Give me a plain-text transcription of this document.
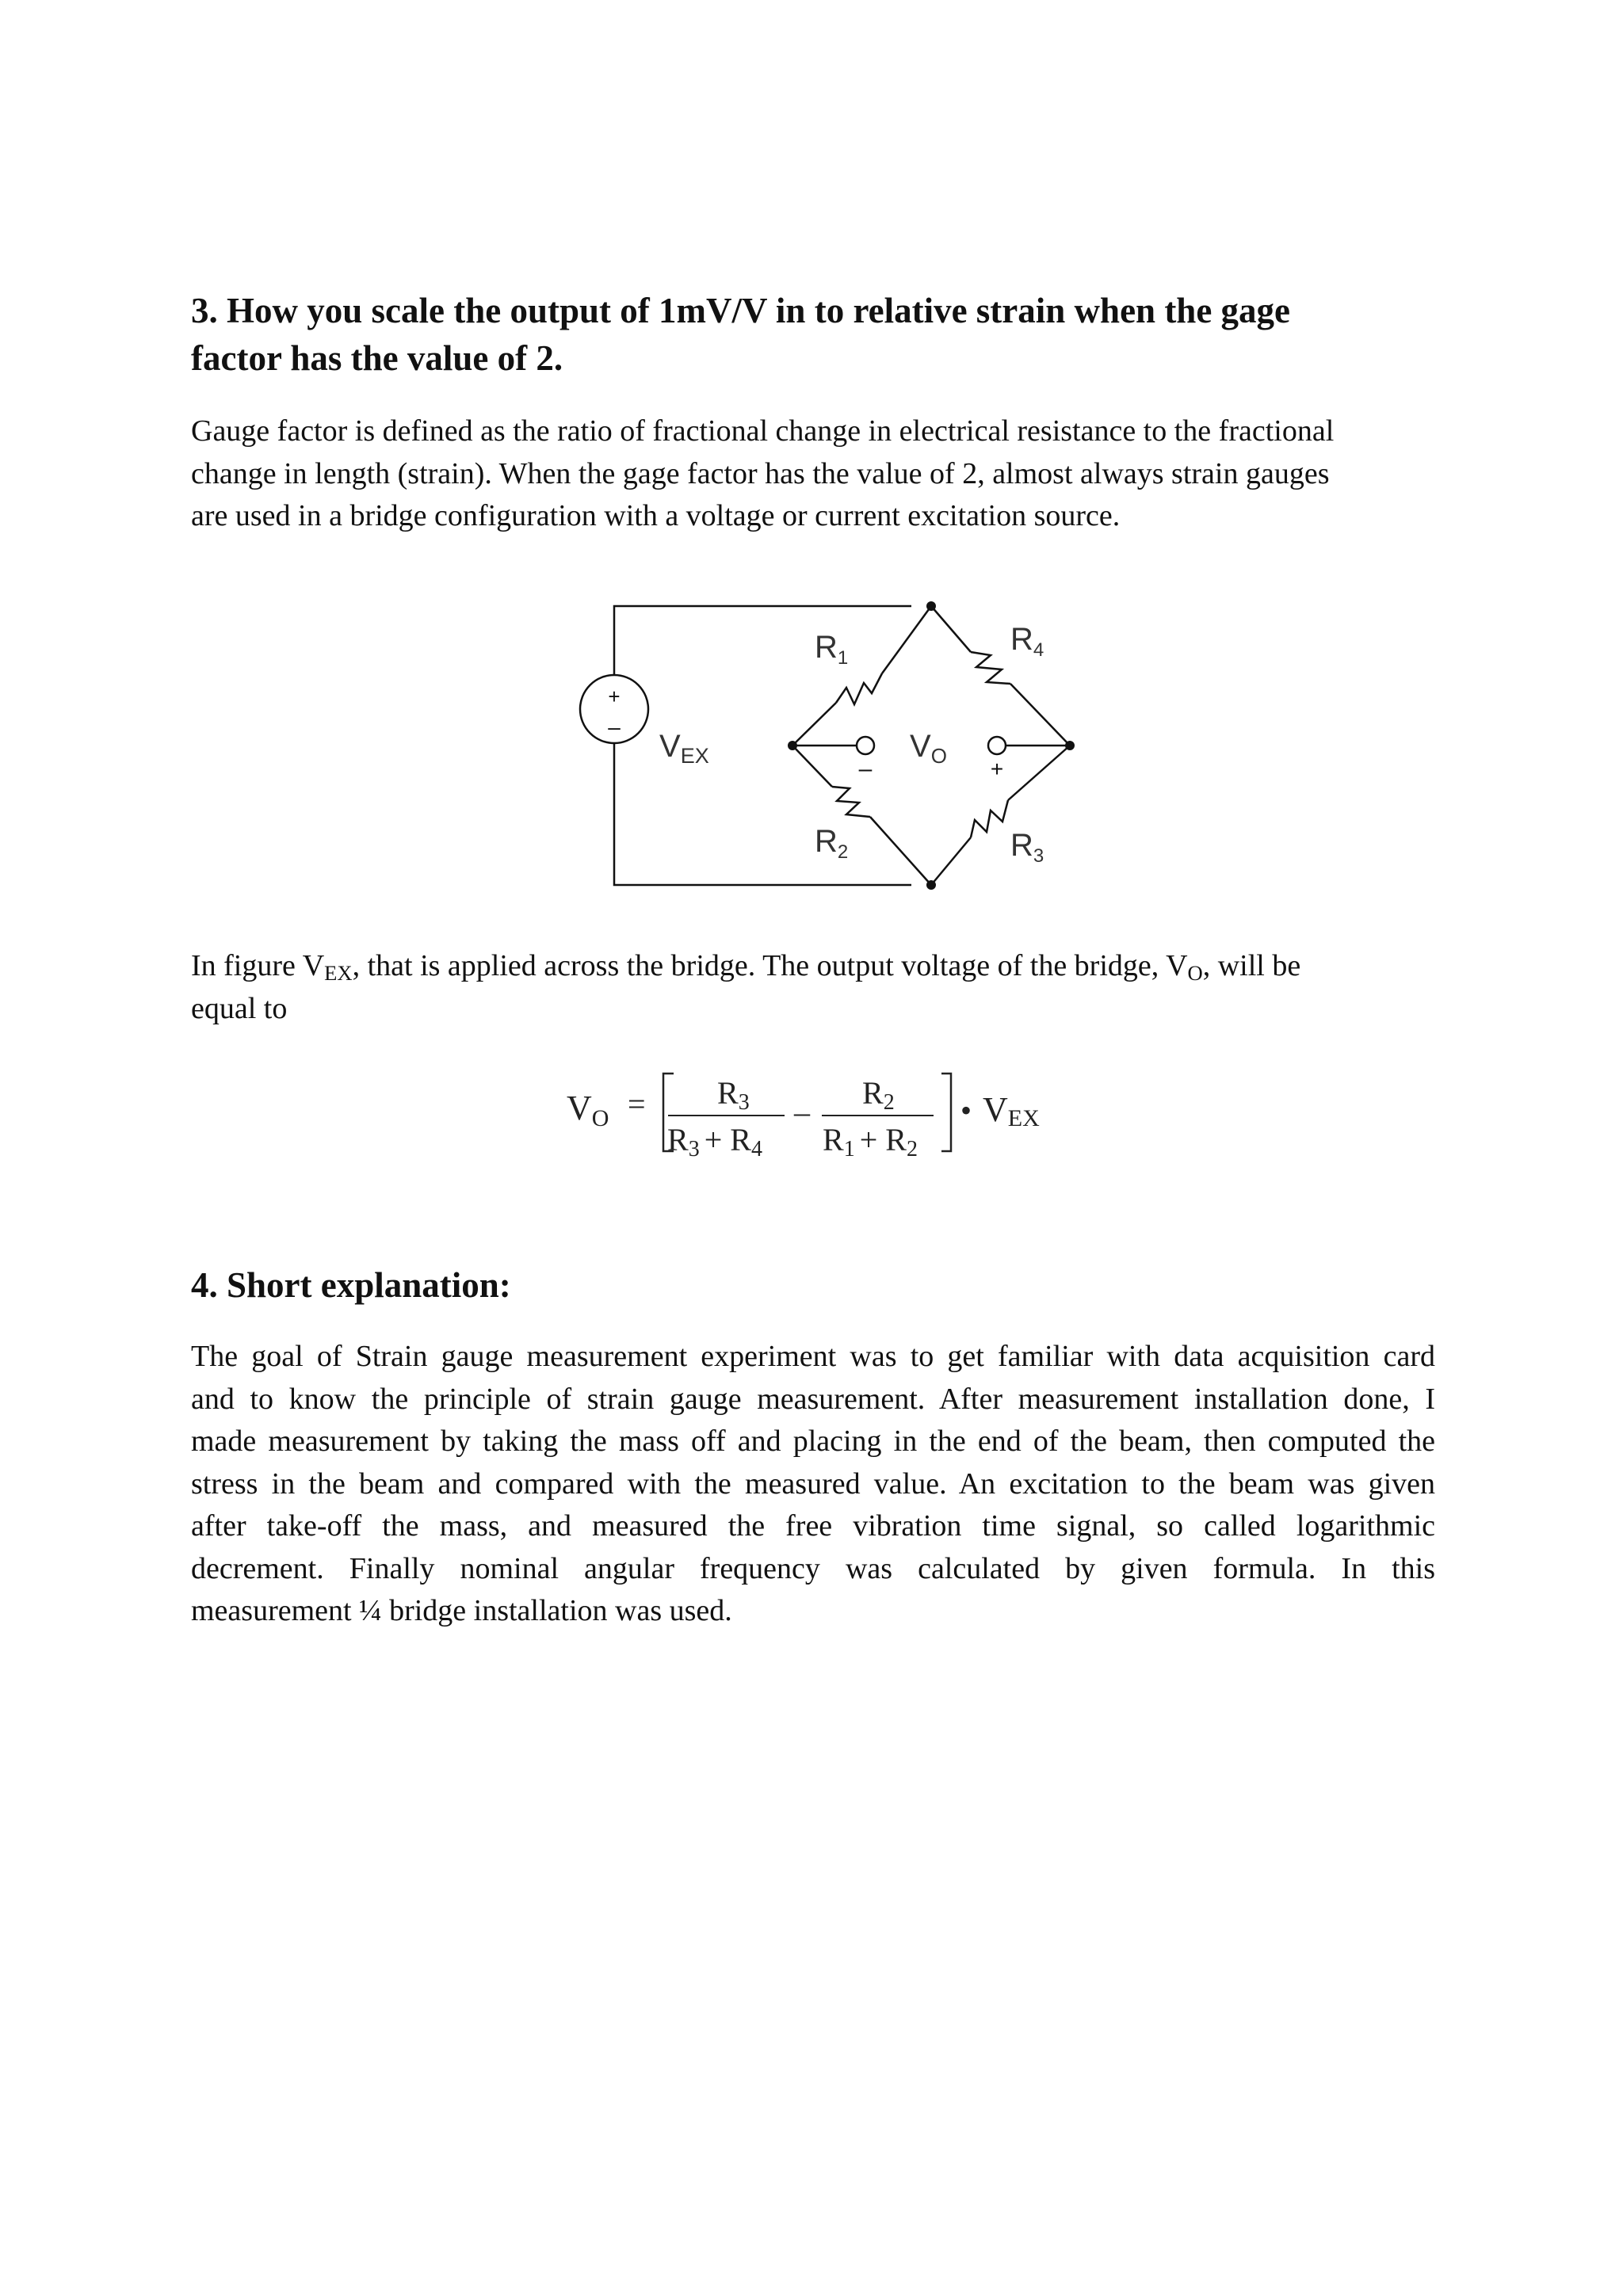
3. How you scale the output of 1mV/V in to relative strain when the gage
factor has the value of 2.

Gauge factor is defined as the ratio of fractional change in electrical resistance to the fractional
change in length (strain). When the gage factor has the value of 2, almost always strain gauges
are used in a bridge configuration with a voltage or current excitation source.

+
–
$V_{EX}$
$R_1$
$R_4$
$R_2$	$R_3$
–	+
$V_O$

In figure $V_{EX}$, that is applied across the bridge. The output voltage of the bridge, $V_O$, will be
equal to

VO = R3
R3 + R4
–
R2
R1 + R2
• VEX
4. Short explanation:

The goal of Strain gauge measurement experiment was to get familiar with data acquisition card
and to know the principle of strain gauge measurement. After measurement installation done, I
made measurement by taking the mass off and placing in the end of the beam, then computed the
stress in the beam and compared with the measured value. An excitation to the beam was given
after take-off the mass, and measured the free vibration time signal, so called logarithmic
decrement. Finally nominal angular frequency was calculated by given formula. In this
measurement ¼ bridge installation was used.
